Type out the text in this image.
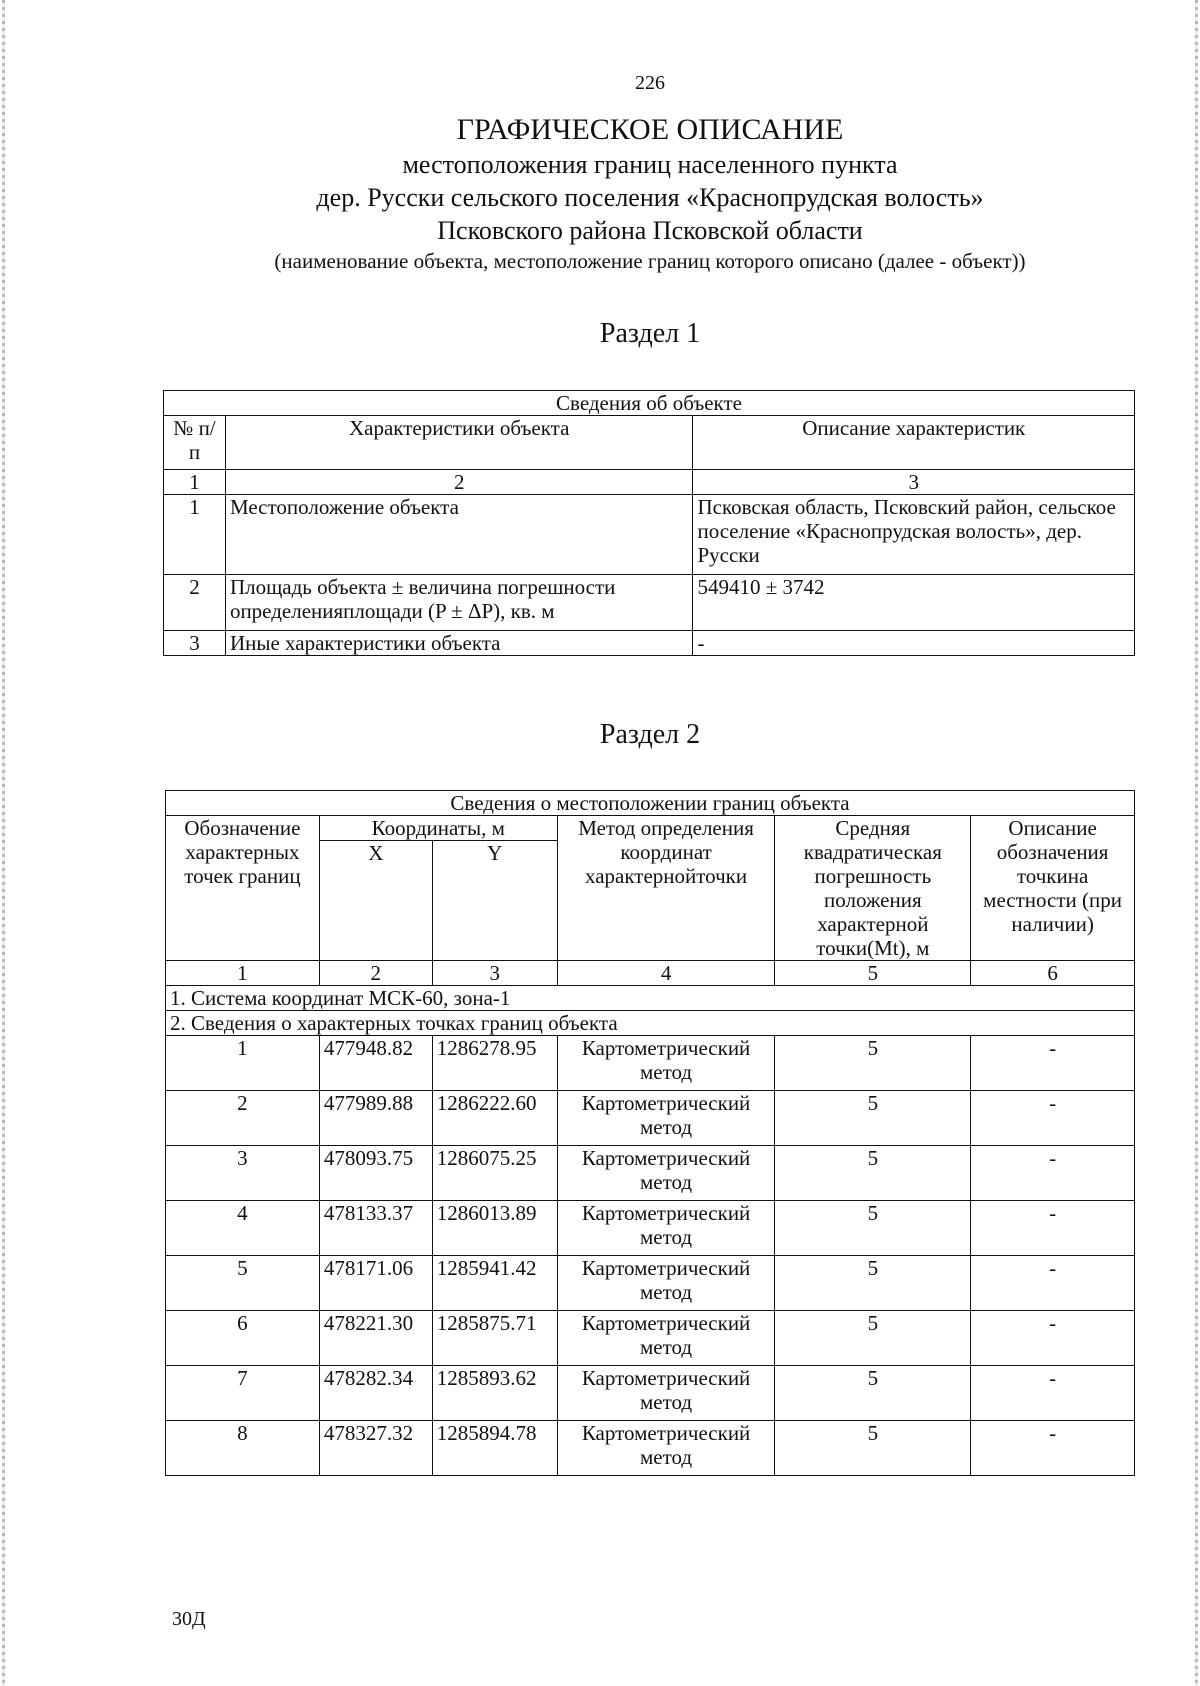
226
ГРАФИЧЕСКОЕ ОПИСАНИЕ
местоположения границ населенного пункта
дер. Русски сельского поселения «Краснопрудская волость»
Псковского района Псковской области
(наименование объекта, местоположение границ которого описано (далее - объект))
Раздел 1
Сведения об объекте		
№ п/п	Характеристики объекта	Описание характеристик
1	2	3
1	Местоположение объекта	Псковская область, Псковский район, сельское поселение «Краснопрудская волость», дер. Русски
2	Площадь объекта ± величина погрешности определенияплощади (P ± ΔP), кв. м	549410 ± 3742
3	Иные характеристики объекта	-
Раздел 2
Сведения о местоположении границ объекта					
Обозначение характерных точек границ	Координаты, м		Метод определения координат характернойточки	Средняя квадратическая погрешность положения характерной точки(Mt), м	Описание обозначения точкина местности (при наличии)
	X	Y			
1	2	3	4	5	6
1. Система координат МСК-60, зона-1					
2. Сведения о характерных точках границ объекта					
1	477948.82	1286278.95	Картометрический метод	5	-
2	477989.88	1286222.60	Картометрический метод	5	-
3	478093.75	1286075.25	Картометрический метод	5	-
4	478133.37	1286013.89	Картометрический метод	5	-
5	478171.06	1285941.42	Картометрический метод	5	-
6	478221.30	1285875.71	Картометрический метод	5	-
7	478282.34	1285893.62	Картометрический метод	5	-
8	478327.32	1285894.78	Картометрический метод	5	-
30Д
